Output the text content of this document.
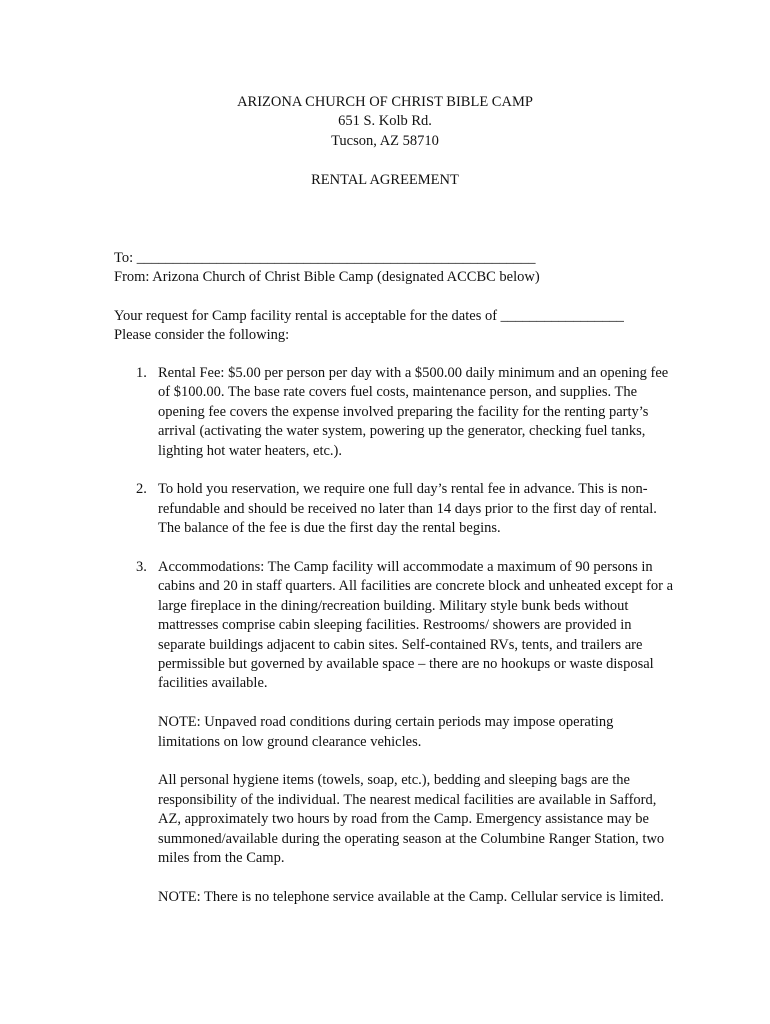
ARIZONA CHURCH OF CHRIST BIBLE CAMP
651 S. Kolb Rd.
Tucson, AZ 58710
RENTAL AGREEMENT

To: _______________________________________________________

From: Arizona Church of Christ Bible Camp (designated ACCBC below)

Your request for Camp facility rental is acceptable for the dates of _________________

Please consider the following:

1. Rental Fee: $5.00 per person per day with a $500.00 daily minimum and an opening fee of $100.00. The base rate covers fuel costs, maintenance person, and supplies. The opening fee covers the expense involved preparing the facility for the renting party’s arrival (activating the water system, powering up the generator, checking fuel tanks, lighting hot water heaters, etc.).

2. To hold you reservation, we require one full day’s rental fee in advance. This is non-refundable and should be received no later than 14 days prior to the first day of rental. The balance of the fee is due the first day the rental begins.

3. Accommodations: The Camp facility will accommodate a maximum of 90 persons in cabins and 20 in staff quarters. All facilities are concrete block and unheated except for a large fireplace in the dining/recreation building. Military style bunk beds without mattresses comprise cabin sleeping facilities. Restrooms/ showers are provided in separate buildings adjacent to cabin sites. Self-contained RVs, tents, and trailers are permissible but governed by available space – there are no hookups or waste disposal facilities available.

NOTE: Unpaved road conditions during certain periods may impose operating limitations on low ground clearance vehicles.

All personal hygiene items (towels, soap, etc.), bedding and sleeping bags are the responsibility of the individual. The nearest medical facilities are available in Safford, AZ, approximately two hours by road from the Camp. Emergency assistance may be summoned/available during the operating season at the Columbine Ranger Station, two miles from the Camp.

NOTE: There is no telephone service available at the Camp. Cellular service is limited.
